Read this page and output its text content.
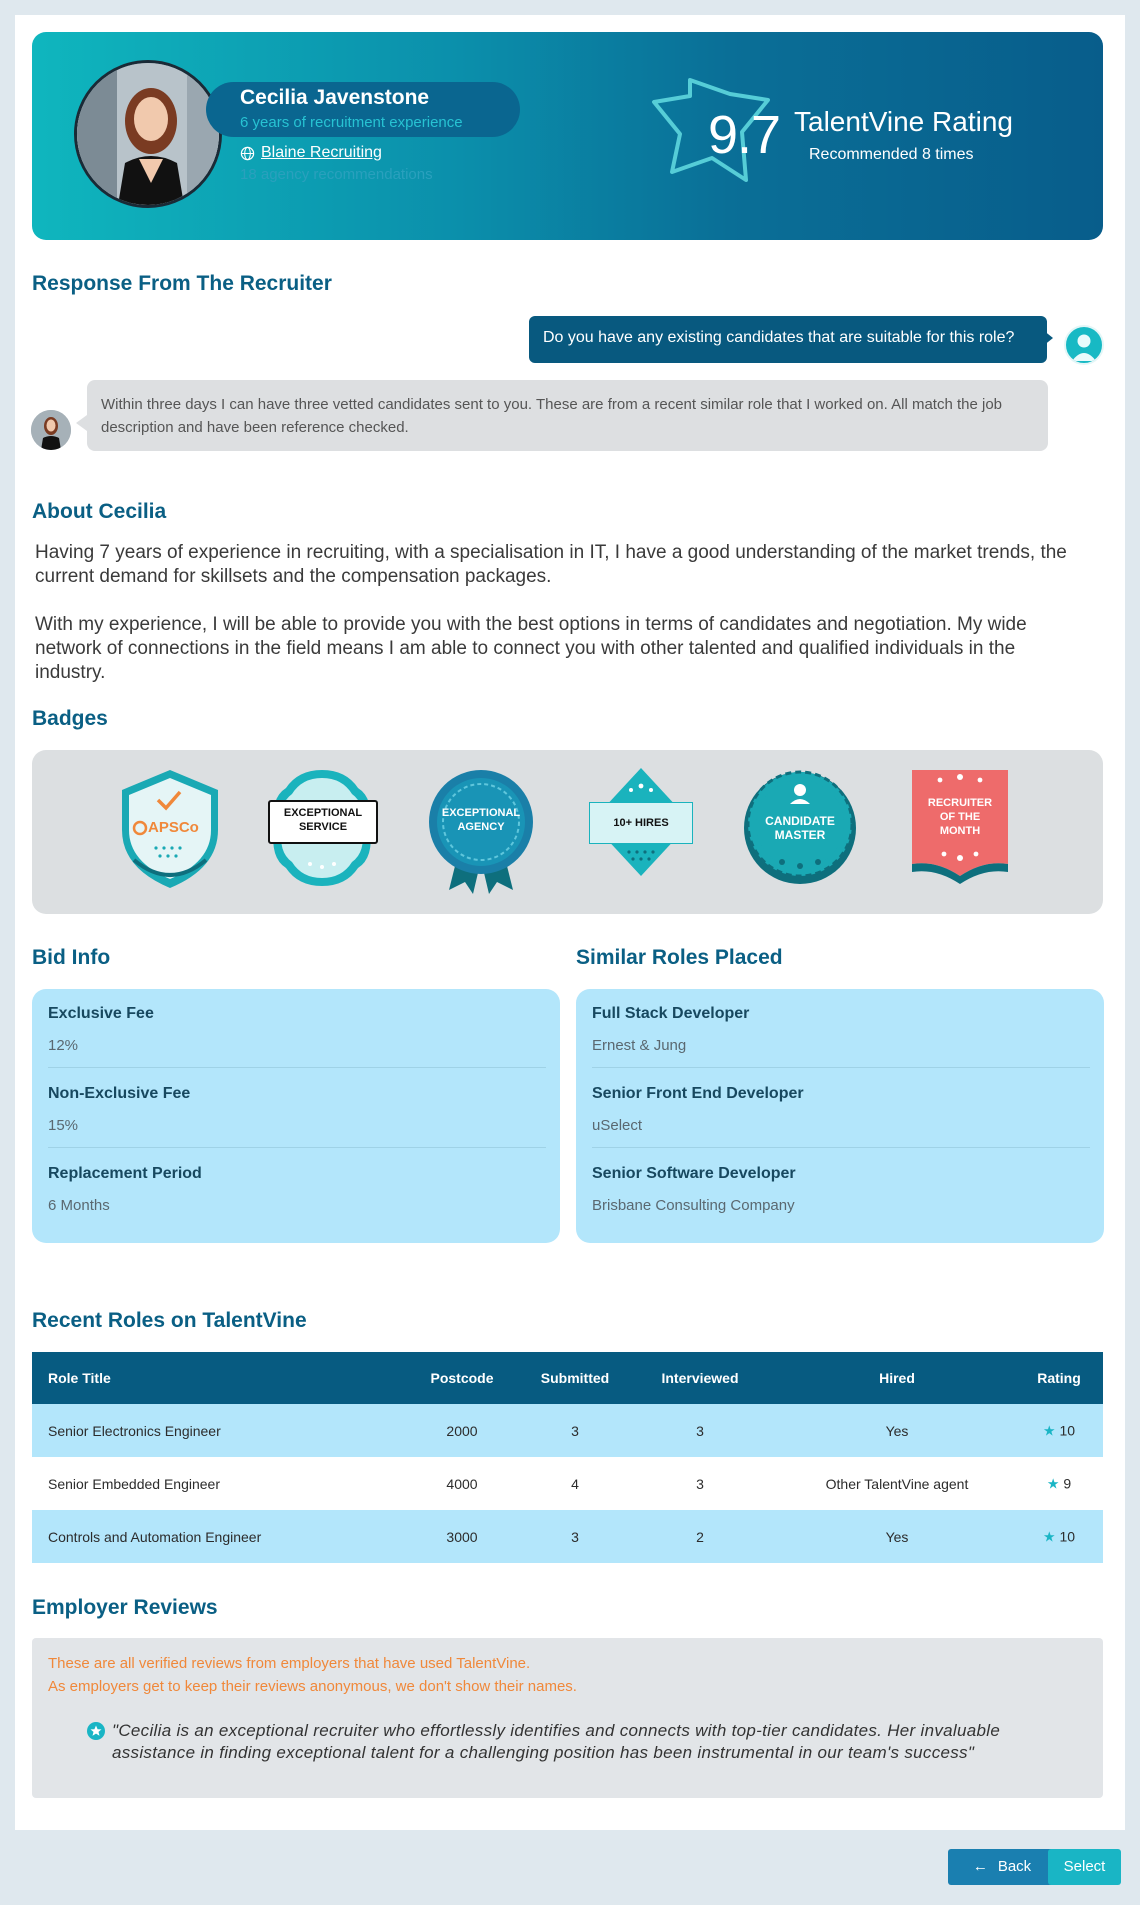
Cecilia Javenstone
6 years of recruitment experience
Blaine Recruiting
18 agency recommendations
9.7 TalentVine Rating
Recommended 8 times
Response From The Recruiter
Do you have any existing candidates that are suitable for this role?
Within three days I can have three vetted candidates sent to you. These are from a recent similar role that I worked on. All match the job description and have been reference checked.
About Cecilia
Having 7 years of experience in recruiting, with a specialisation in IT, I have a good understanding of the market trends, the current demand for skillsets and the compensation packages.
With my experience, I will be able to provide you with the best options in terms of candidates and negotiation. My wide network of connections in the field means I am able to connect you with other talented and qualified individuals in the industry.
Badges
APSCo
EXCEPTIONAL
SERVICE
EXCEPTIONAL
AGENCY	10+ HIRES	CANDIDATE
MASTER
RECRUITER
OF THE
MONTH
Bid Info
Exclusive Fee
12%
Non-Exclusive Fee
15%
Replacement Period
6 Months
Similar Roles Placed
Full Stack Developer
Ernest & Jung
Senior Front End Developer
uSelect
Senior Software Developer
Brisbane Consulting Company
Recent Roles on TalentVine
Role Title	Postcode	Submitted	Interviewed	Hired	Rating
Senior Electronics Engineer	2000	3	3	Yes	★ 10
Senior Embedded Engineer	4000	4	3	Other TalentVine agent	★ 9
Controls and Automation Engineer	3000	3	2	Yes	★ 10
Employer Reviews
These are all verified reviews from employers that have used TalentVine.
As employers get to keep their reviews anonymous, we don't show their names.
"Cecilia is an exceptional recruiter who effortlessly identifies and connects with top-tier candidates. Her invaluable assistance in finding exceptional talent for a challenging position has been instrumental in our team's success"
← Back	Select
